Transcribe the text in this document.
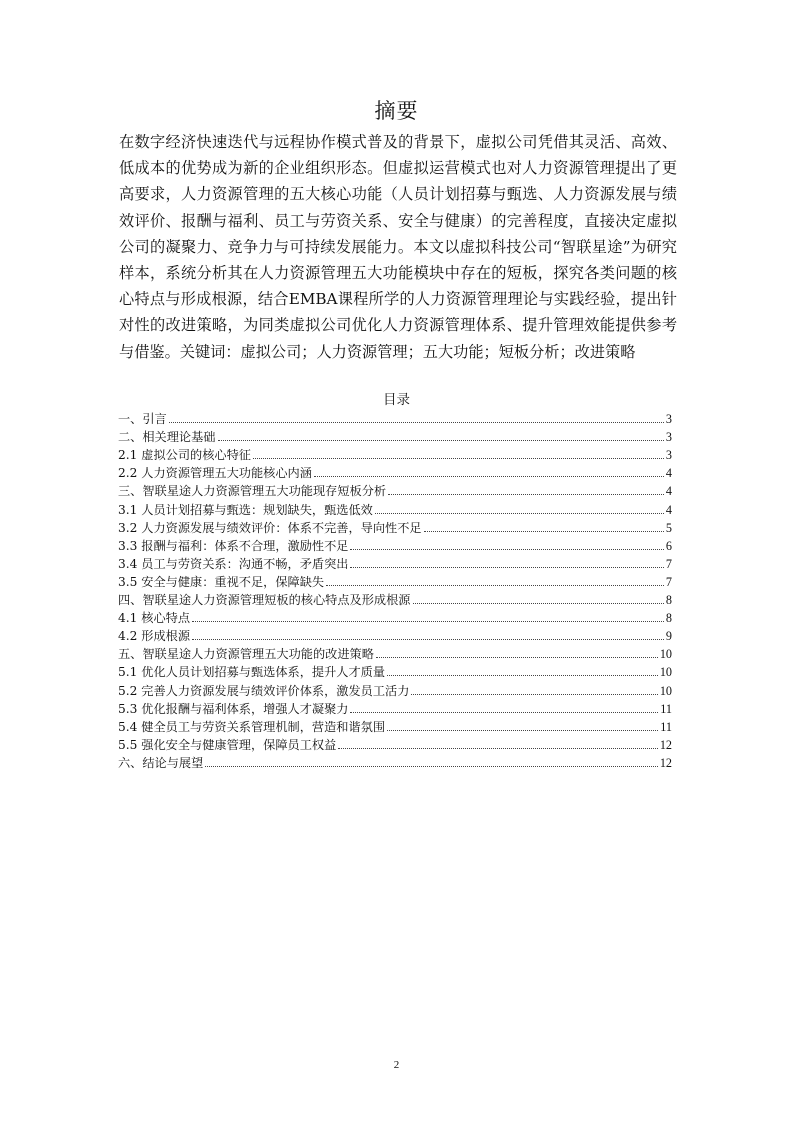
摘要
在数字经济快速迭代与远程协作模式普及的背景下，虚拟公司凭借其灵活、高效、低成本的优势成为新的企业组织形态。但虚拟运营模式也对人力资源管理提出了更高要求，人力资源管理的五大核心功能（人员计划招募与甄选、人力资源发展与绩效评价、报酬与福利、员工与劳资关系、安全与健康）的完善程度，直接决定虚拟公司的凝聚力、竞争力与可持续发展能力。本文以虚拟科技公司“智联星途”为研究样本，系统分析其在人力资源管理五大功能模块中存在的短板，探究各类问题的核心特点与形成根源，结合EMBA课程所学的人力资源管理理论与实践经验，提出针对性的改进策略，为同类虚拟公司优化人力资源管理体系、提升管理效能提供参考与借鉴。关键词：虚拟公司；人力资源管理；五大功能；短板分析；改进策略
目录
一、引言	3
二、相关理论基础	3
2.1 虚拟公司的核心特征	3
2.2 人力资源管理五大功能核心内涵	4
三、智联星途人力资源管理五大功能现存短板分析	4
3.1 人员计划招募与甄选：规划缺失，甄选低效	4
3.2 人力资源发展与绩效评价：体系不完善，导向性不足	5
3.3 报酬与福利：体系不合理，激励性不足	6
3.4 员工与劳资关系：沟通不畅，矛盾突出	7
3.5 安全与健康：重视不足，保障缺失	7
四、智联星途人力资源管理短板的核心特点及形成根源	8
4.1 核心特点	8
4.2 形成根源	9
五、智联星途人力资源管理五大功能的改进策略	10
5.1 优化人员计划招募与甄选体系，提升人才质量	10
5.2 完善人力资源发展与绩效评价体系，激发员工活力	10
5.3 优化报酬与福利体系，增强人才凝聚力	11
5.4 健全员工与劳资关系管理机制，营造和谐氛围	11
5.5 强化安全与健康管理，保障员工权益	12
六、结论与展望	12
2
